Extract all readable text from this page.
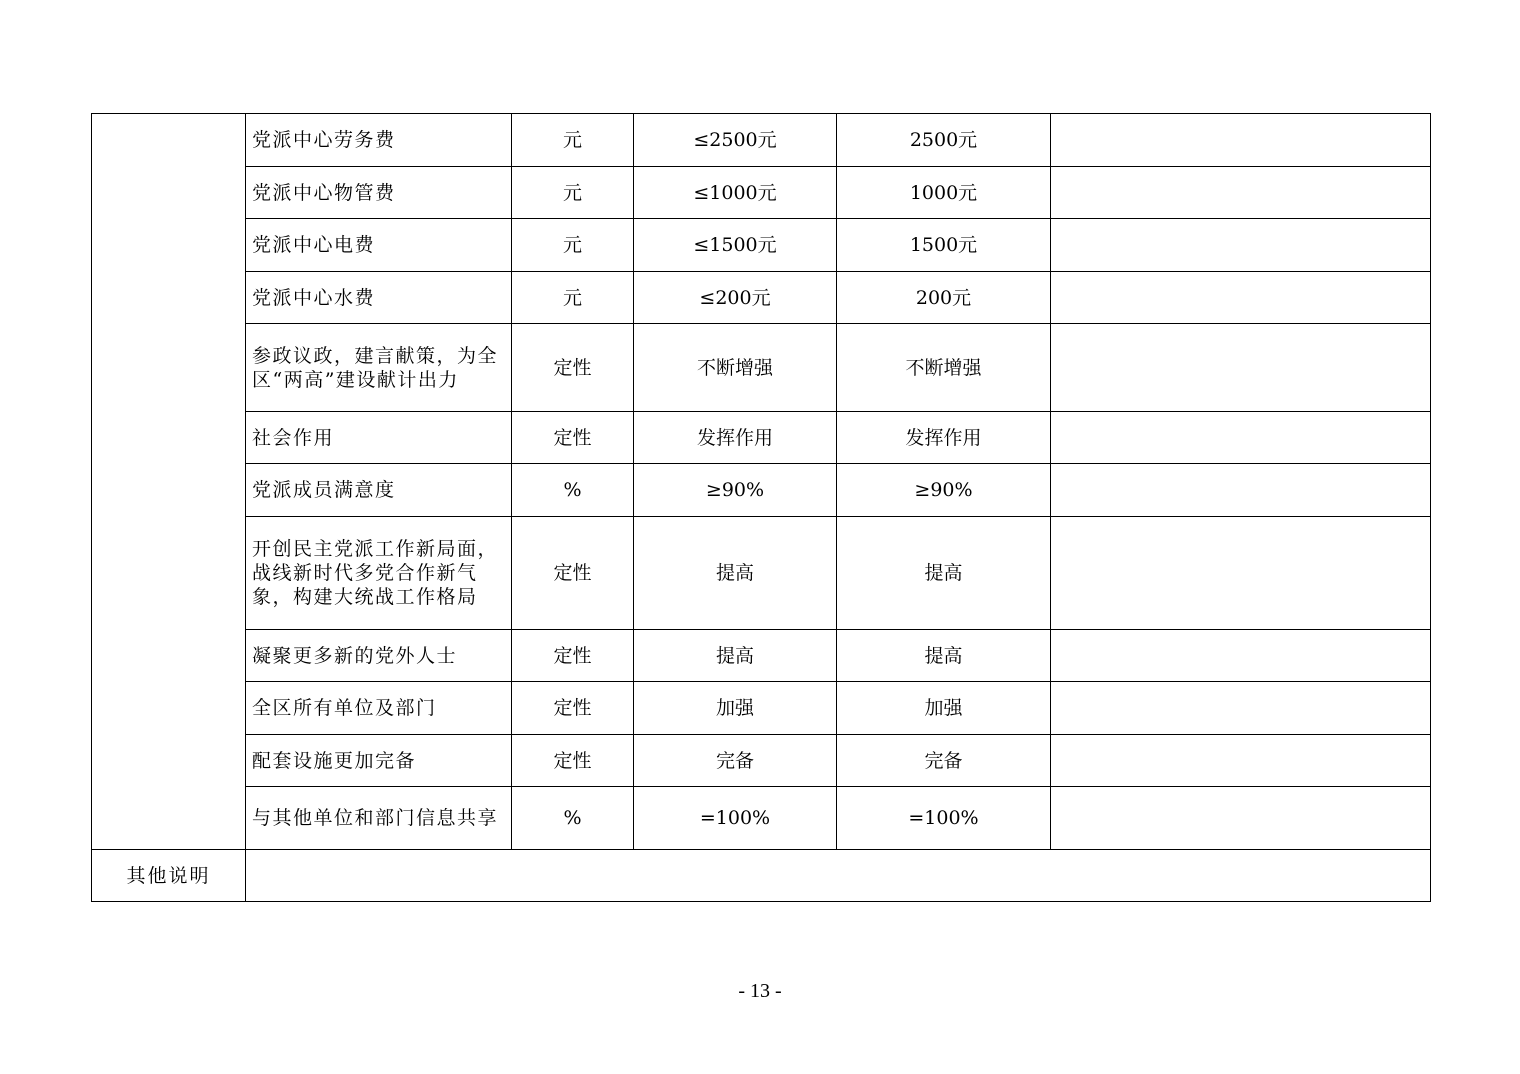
	党派中心劳务费	元	≤2500元	2500元	
	党派中心物管费	元	≤1000元	1000元	
	党派中心电费	元	≤1500元	1500元	
	党派中心水费	元	≤200元	200元	
	参政议政，建言献策，为全区“两高”建设献计出力	定性	不断增强	不断增强	
	社会作用	定性	发挥作用	发挥作用	
	党派成员满意度	%	≥90%	≥90%	
	开创民主党派工作新局面，战线新时代多党合作新气象，构建大统战工作格局	定性	提高	提高	
	凝聚更多新的党外人士	定性	提高	提高	
	全区所有单位及部门	定性	加强	加强	
	配套设施更加完备	定性	完备	完备	
	与其他单位和部门信息共享	%	=100%	=100%	
其他说明					
- 13 -
